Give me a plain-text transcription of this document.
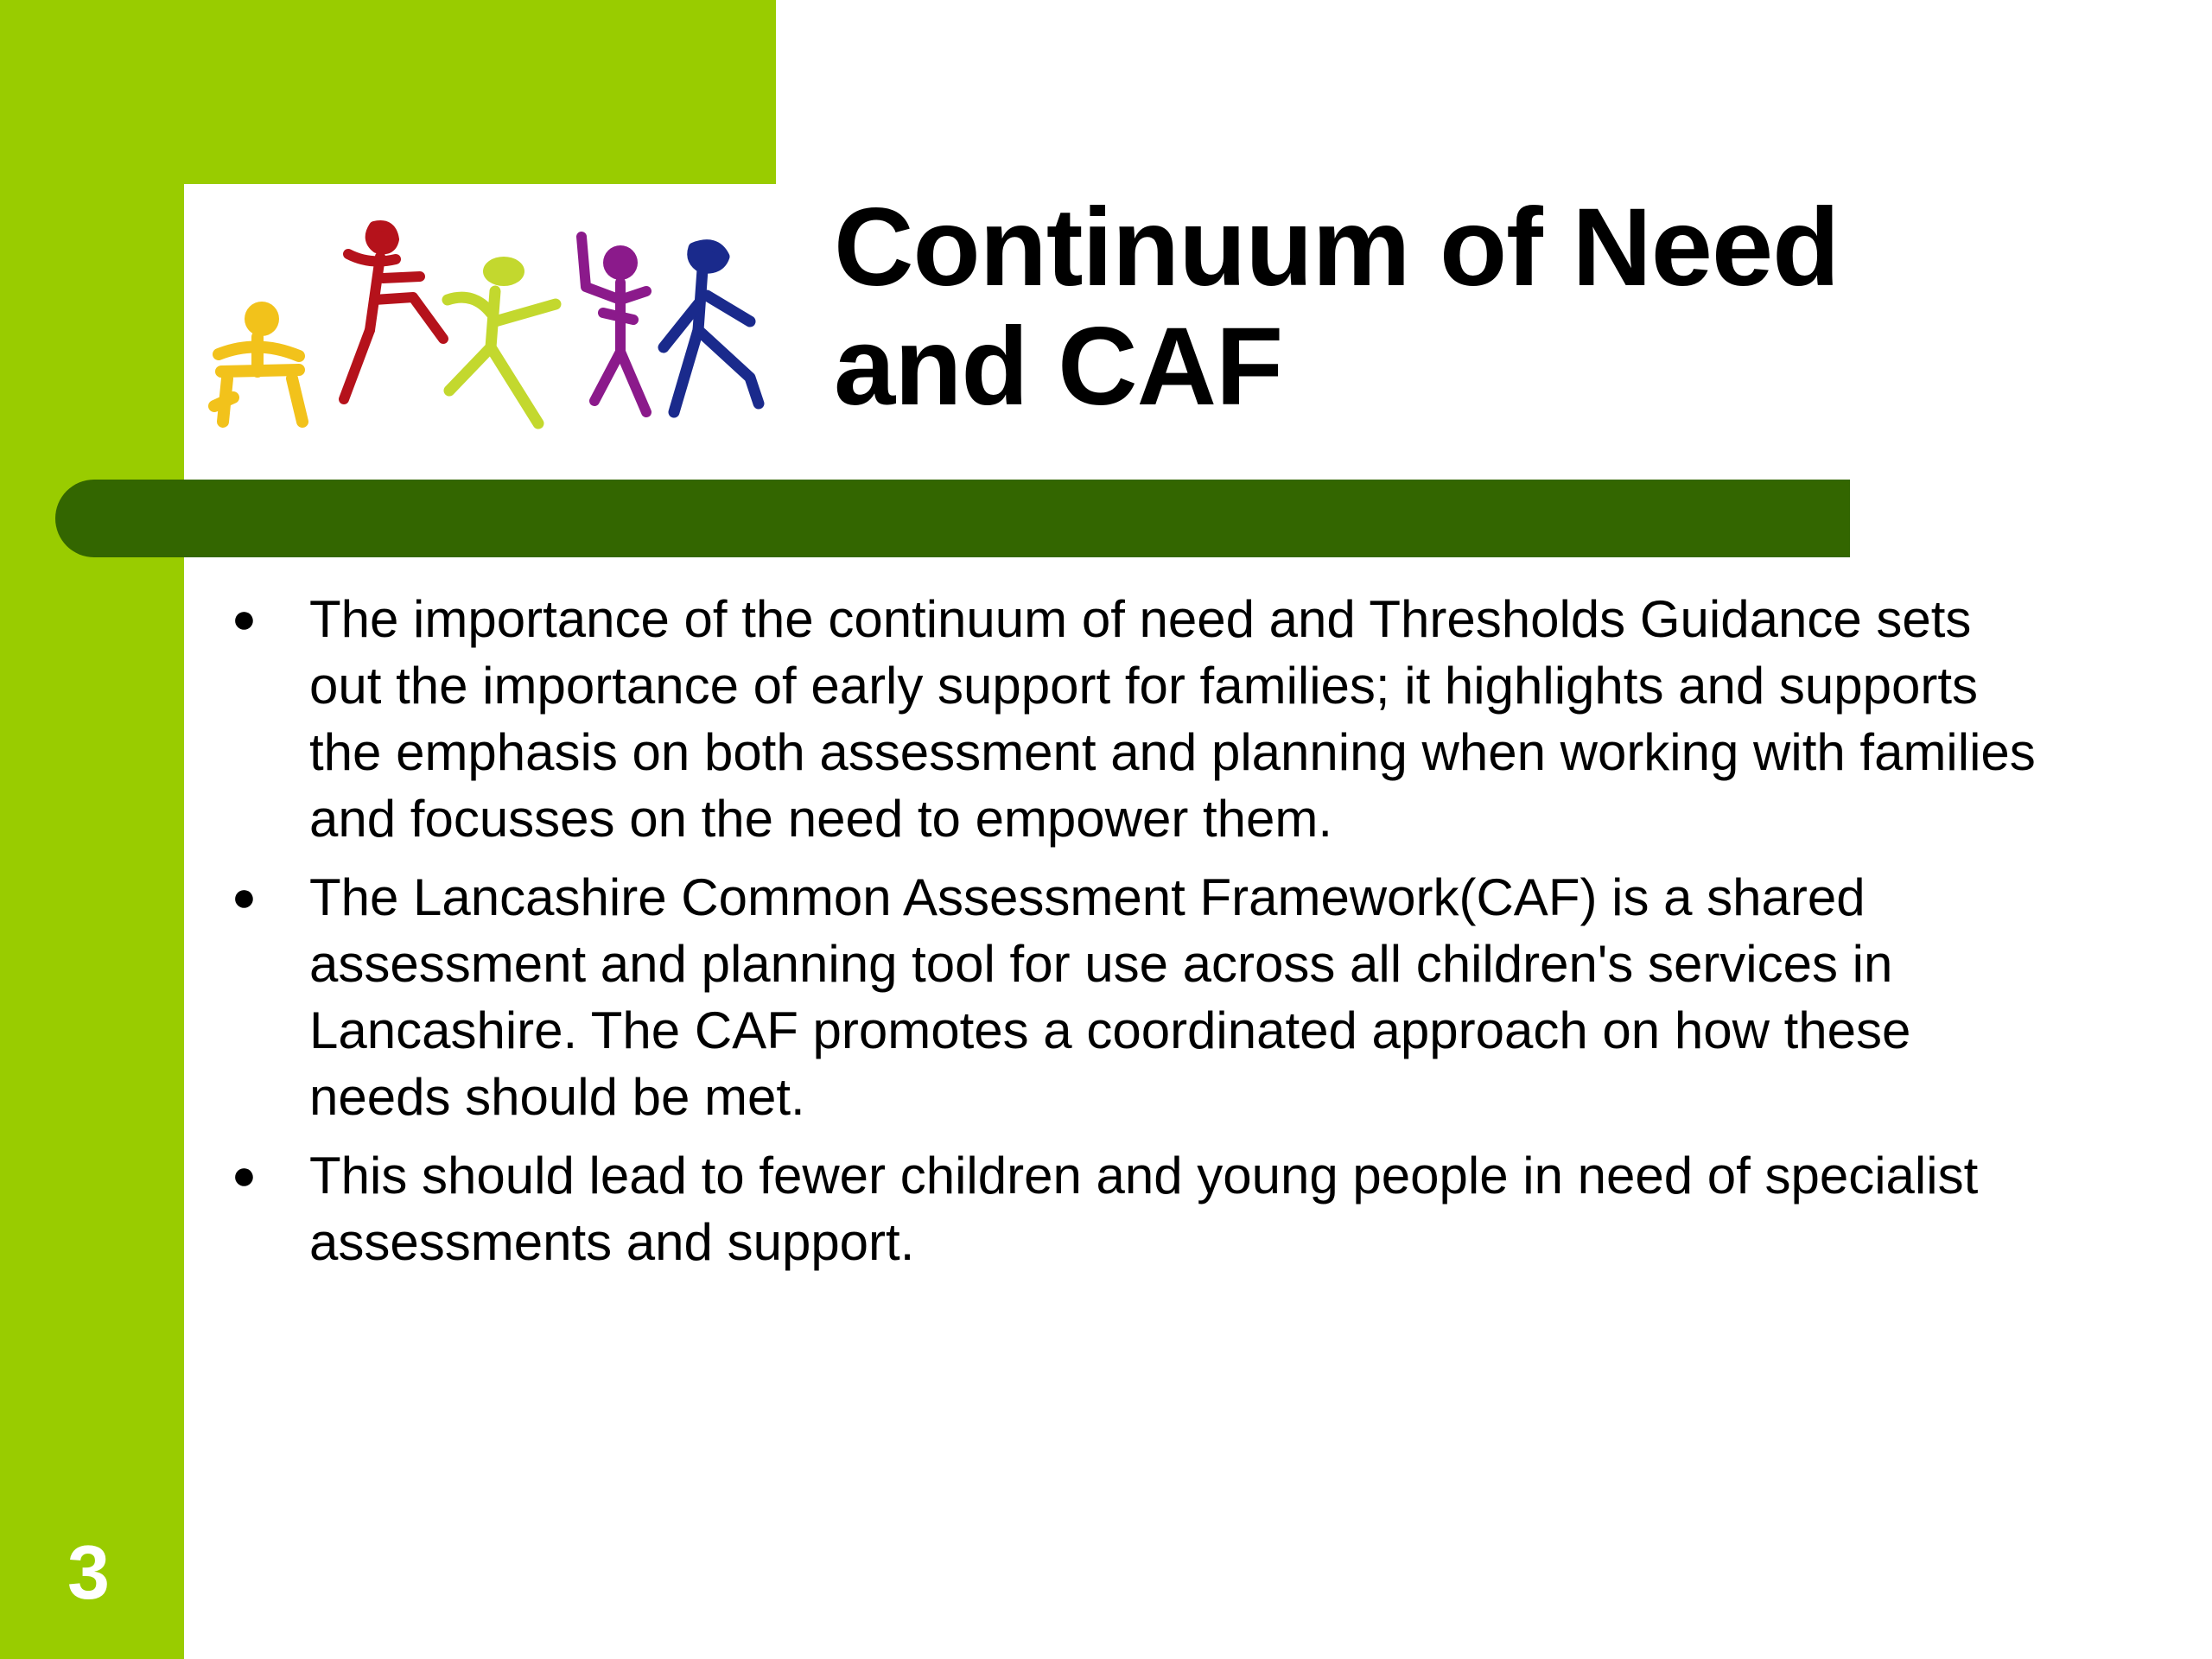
Continuum of Need
and CAF
● The importance of the continuum of need and Thresholds Guidance sets out the importance of early support for families; it highlights and supports the emphasis on both assessment and planning when working with families and focusses on the need to empower them.
● The Lancashire Common Assessment Framework(CAF) is a shared assessment and planning tool for use across all children's services in Lancashire. The CAF promotes a coordinated approach on how these needs should be met.
● This should lead to fewer children and young people in need of specialist assessments and support.
3
